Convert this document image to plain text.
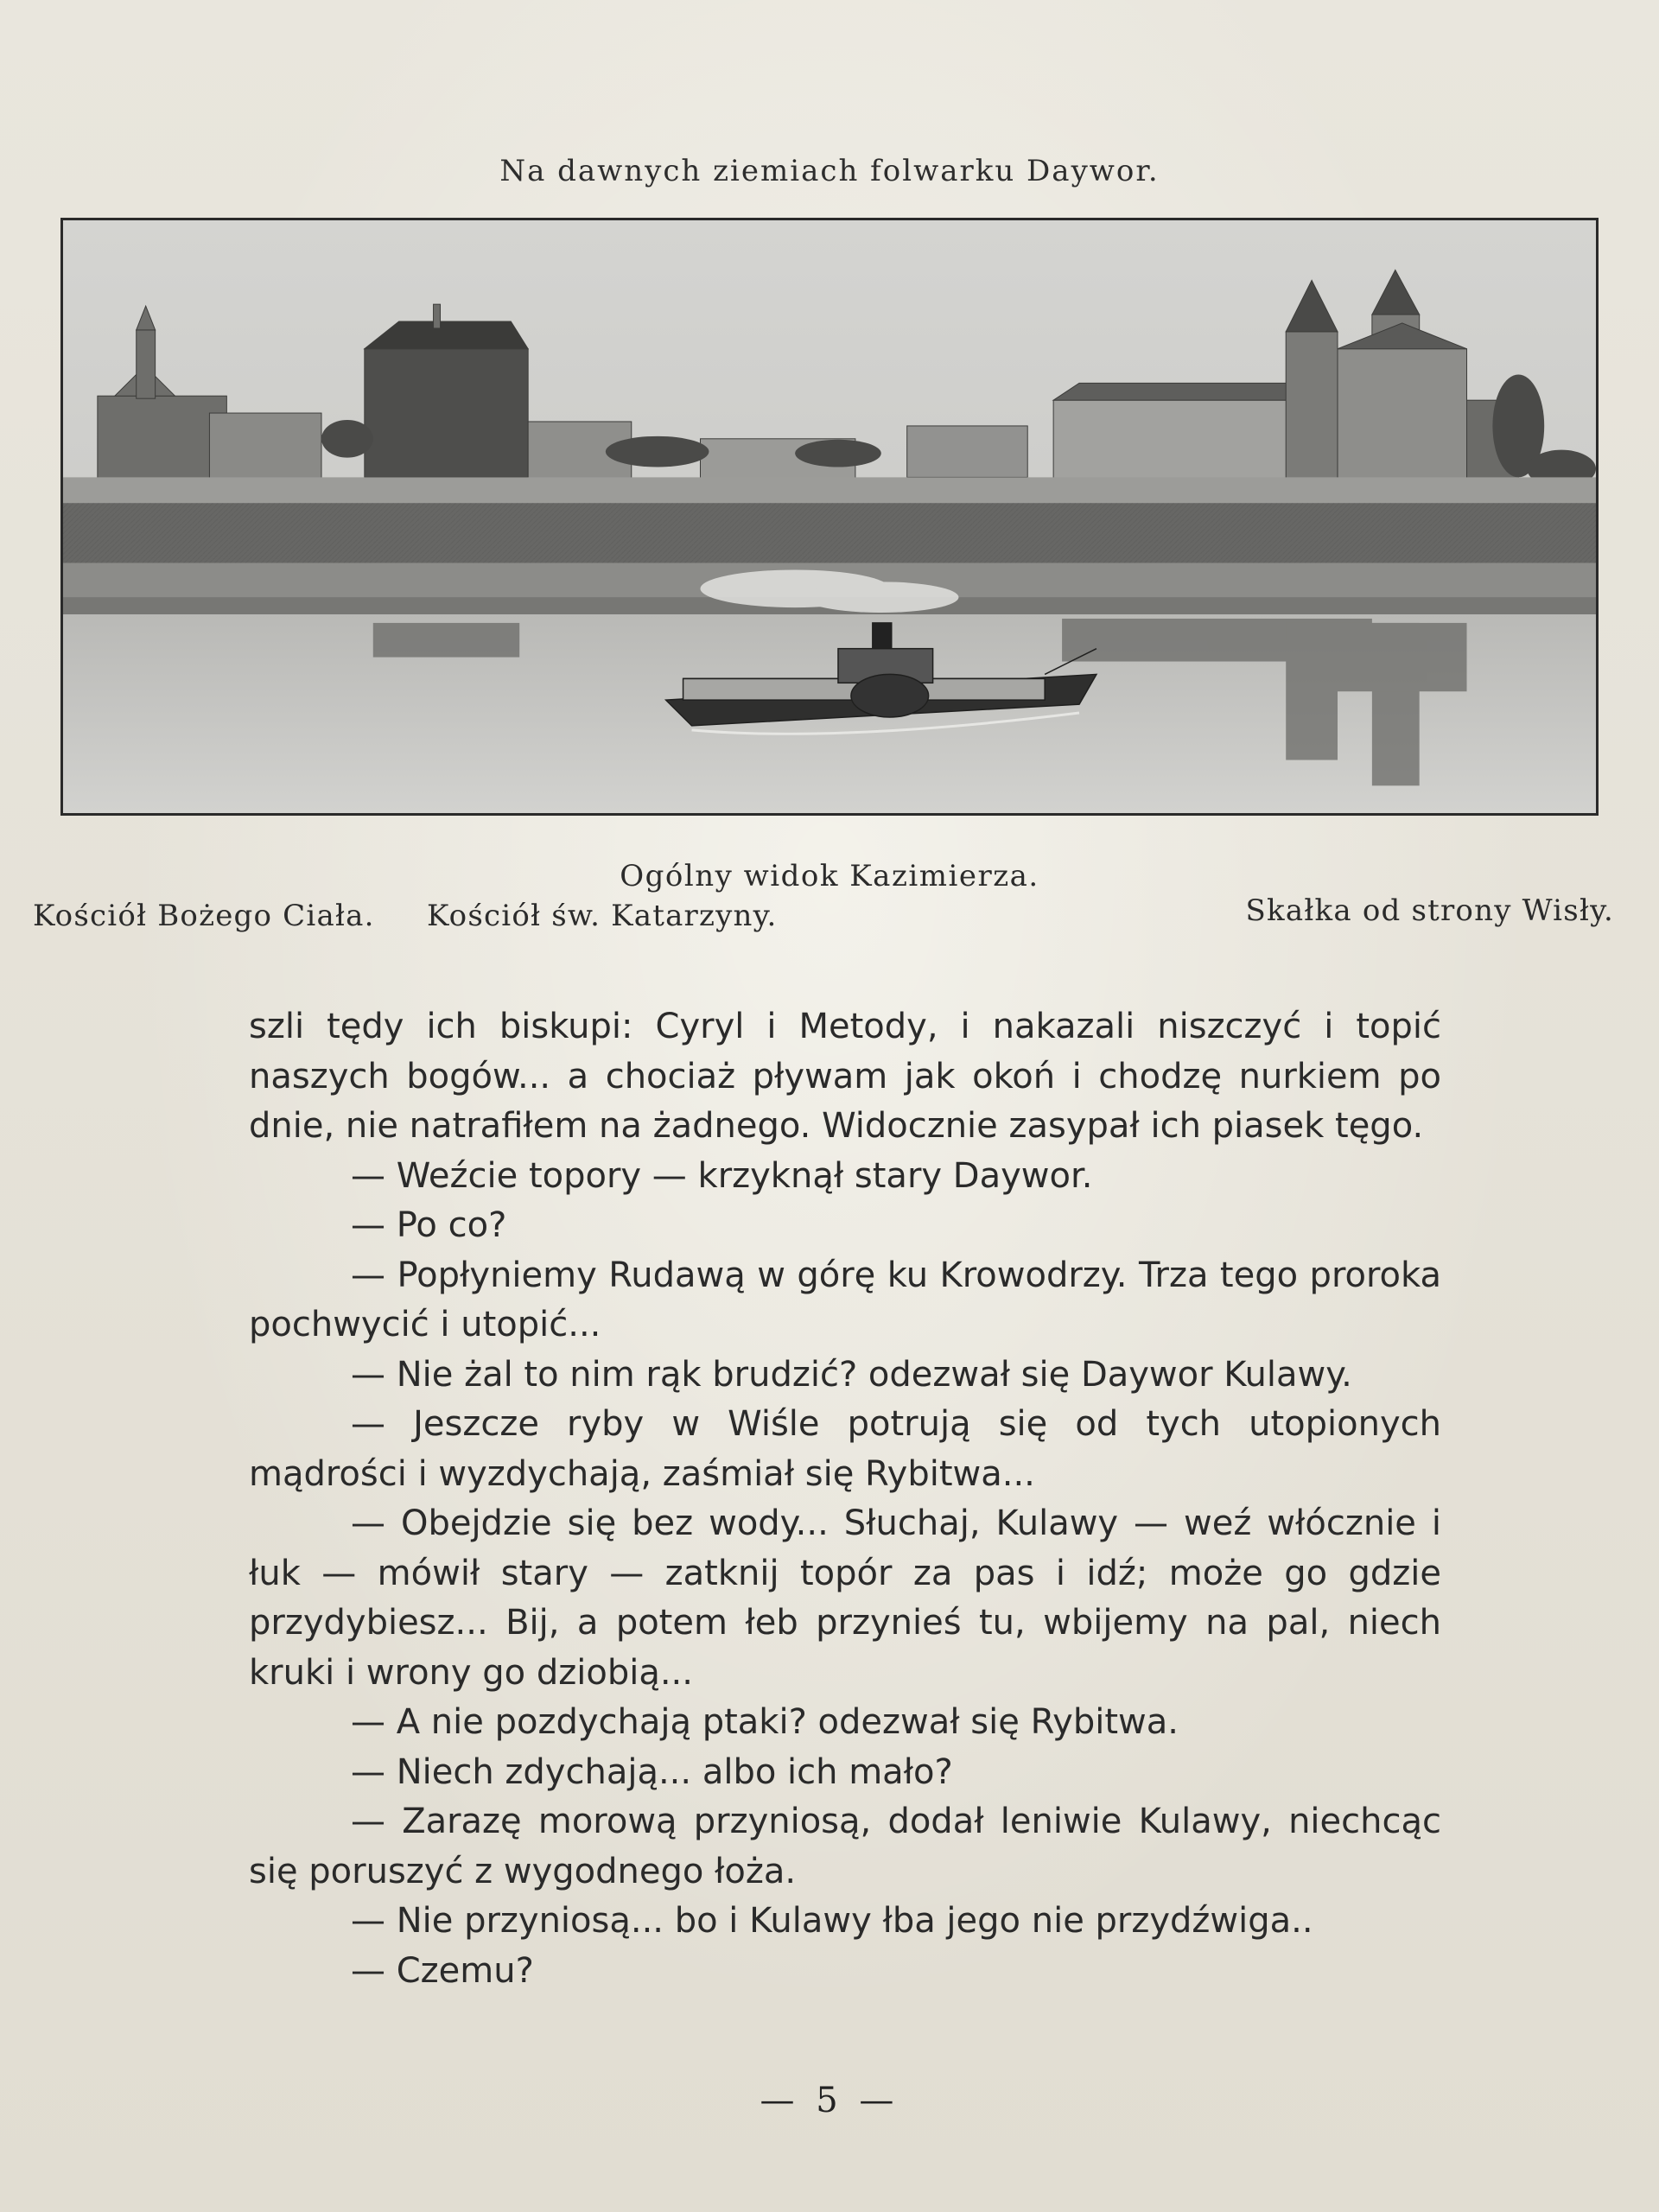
Na dawnych ziemiach folwarku Daywor.
Ogólny widok Kazimierza.
Kościół Bożego Ciała. Kościół św. Katarzyny.	Skałka od strony Wisły.

szli tędy ich biskupi: Cyryl i Metody, i nakazali niszczyć i topić naszych bogów... a chociaż pływam jak okoń i chodzę nurkiem po dnie, nie natrafiłem na żadnego. Widocznie zasypał ich piasek tęgo.

— Weźcie topory — krzyknął stary Daywor.

— Po co?

— Popłyniemy Rudawą w górę ku Krowodrzy. Trza tego proroka pochwycić i utopić...

— Nie żal to nim rąk brudzić? odezwał się Daywor Kulawy.

— Jeszcze ryby w Wiśle potrują się od tych utopionych mądrości i wyzdychają, zaśmiał się Rybitwa...

— Obejdzie się bez wody... Słuchaj, Kulawy — weź włócznie i łuk — mówił stary — zatknij topór za pas i idź; może go gdzie przydybiesz... Bij, a potem łeb przynieś tu, wbijemy na pal, niech kruki i wrony go dziobią...

— A nie pozdychają ptaki? odezwał się Rybitwa.

— Niech zdychają... albo ich mało?

— Zarazę morową przyniosą, dodał leniwie Kulawy, niechcąc się poruszyć z wygodnego łoża.

— Nie przyniosą... bo i Kulawy łba jego nie przydźwiga..

— Czemu?

— 5 —
